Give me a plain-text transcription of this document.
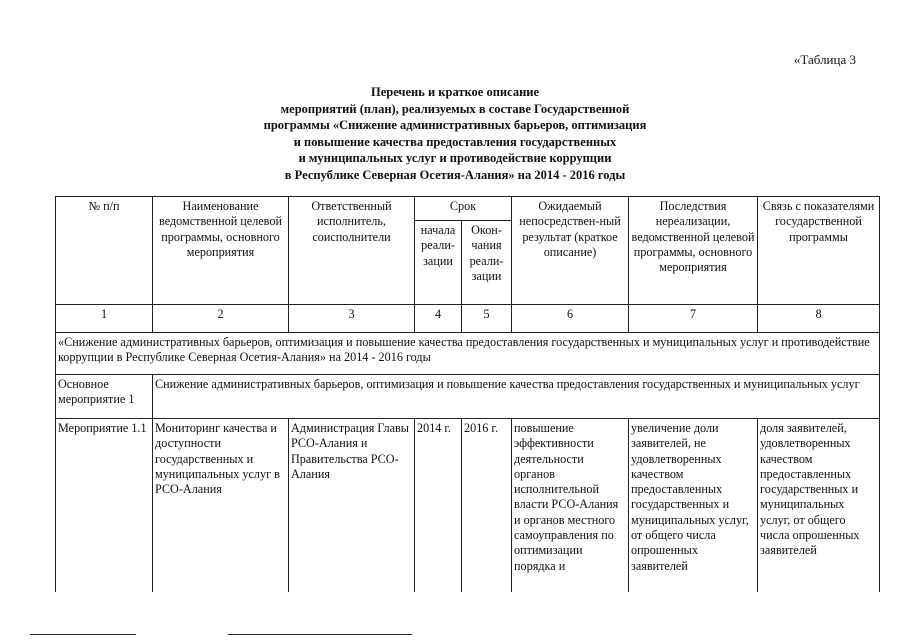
«Таблица 3
Перечень и краткое описание
мероприятий (план), реализуемых в составе Государственной
программы «Снижение административных барьеров, оптимизация
и повышение качества предоставления государственных
и муниципальных услуг и противодействие коррупции
в Республике Северная Осетия-Алания» на 2014 - 2016 годы
№ п/п	Наименование ведомственной целевой программы, основного мероприятия	Ответственный исполнитель, соисполнители	Срок		Ожидаемый непосредствен-ный результат (краткое описание)	Последствия нереализации, ведомственной целевой программы, основного мероприятия	Связь с показателями государственной программы
			начала реали-зации	Окон-чания реали-зации			
1	2	3	4	5	6	7	8
«Снижение административных барьеров, оптимизация и повышение качества предоставления государственных и муниципальных услуг и противодействие коррупции в Республике Северная Осетия-Алания» на 2014 - 2016 годы							
Основное мероприятие 1	Снижение административных барьеров, оптимизация и повышение качества предоставления государственных и муниципальных услуг						
Мероприятие 1.1	Мониторинг качества и доступности государственных и муниципальных услуг в РСО-Алания	Администрация Главы РСО-Алания и Правительства РСО-Алания	2014 г.	2016 г.	повышение эффективности деятельности органов исполнительной власти РСО-Алания и органов местного самоуправления по оптимизации порядка и	увеличение доли заявителей, не удовлетворенных качеством предоставленных государственных и муниципальных услуг, от общего числа опрошенных заявителей	доля заявителей, удовлетворенных качеством предоставленных государственных и муниципальных услуг, от общего числа опрошенных заявителей
